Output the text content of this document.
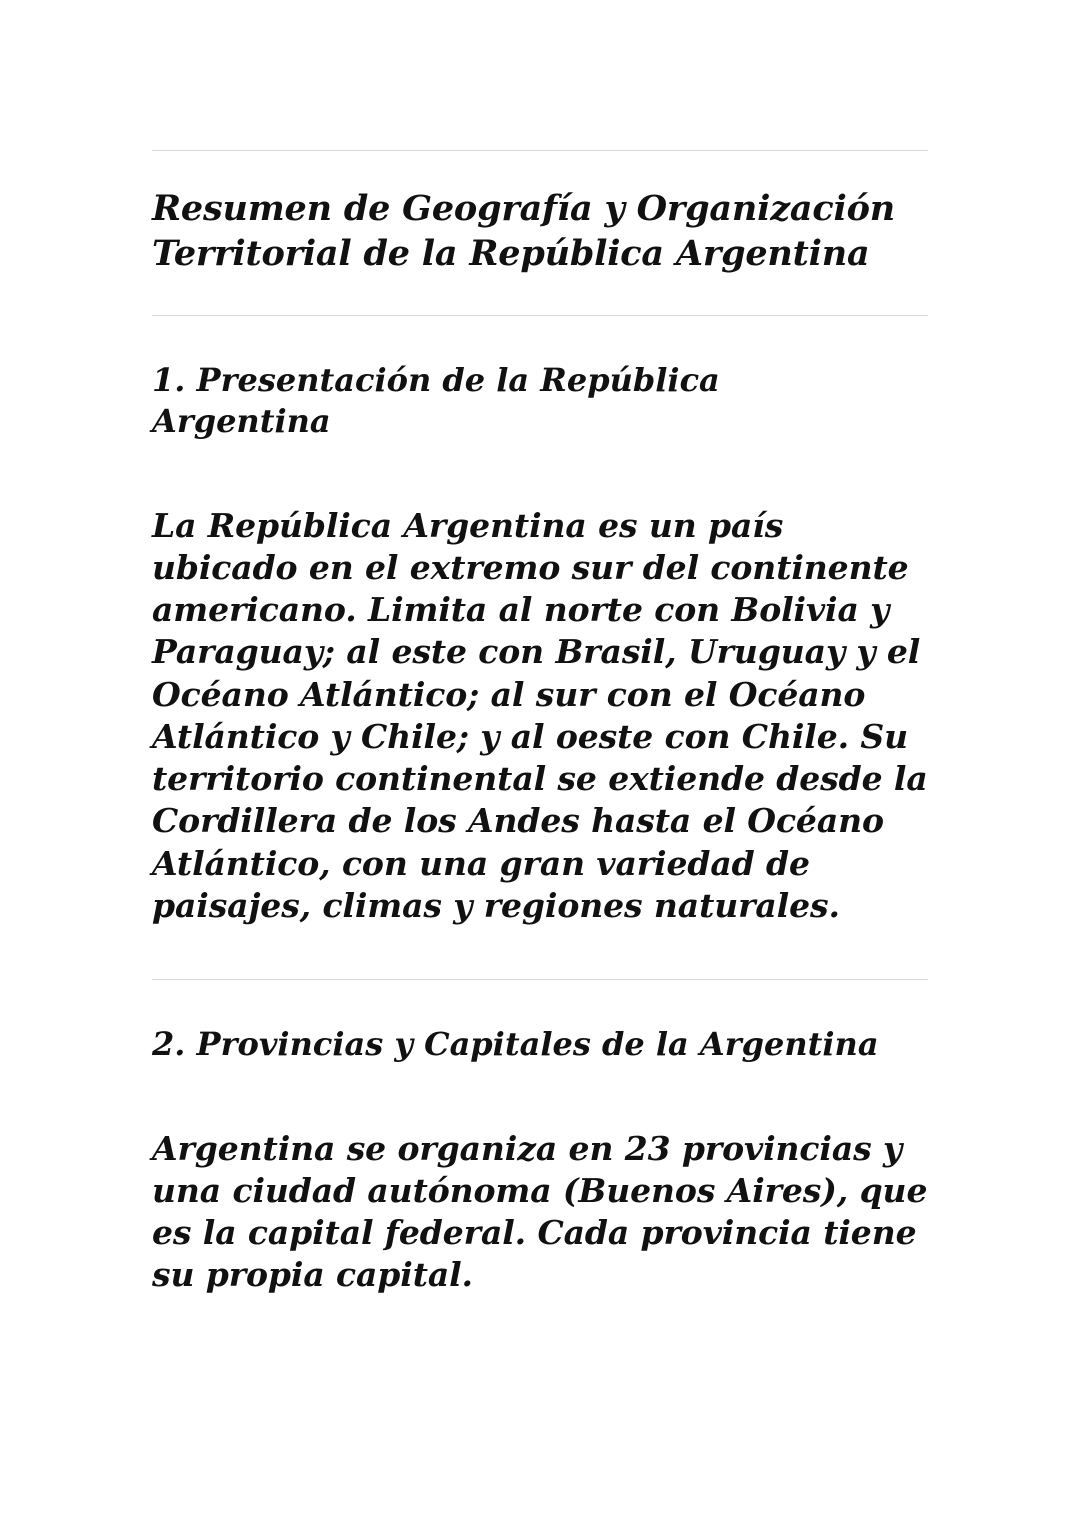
Resumen de Geografía y Organización Territorial de la República Argentina
1. Presentación de la República Argentina

La República Argentina es un país ubicado en el extremo sur del continente americano. Limita al norte con Bolivia y Paraguay; al este con Brasil, Uruguay y el Océano Atlántico; al sur con el Océano Atlántico y Chile; y al oeste con Chile. Su territorio continental se extiende desde la Cordillera de los Andes hasta el Océano Atlántico, con una gran variedad de paisajes, climas y regiones naturales.

2. Provincias y Capitales de la Argentina

Argentina se organiza en 23 provincias y una ciudad autónoma (Buenos Aires), que es la capital federal. Cada provincia tiene su propia capital.
